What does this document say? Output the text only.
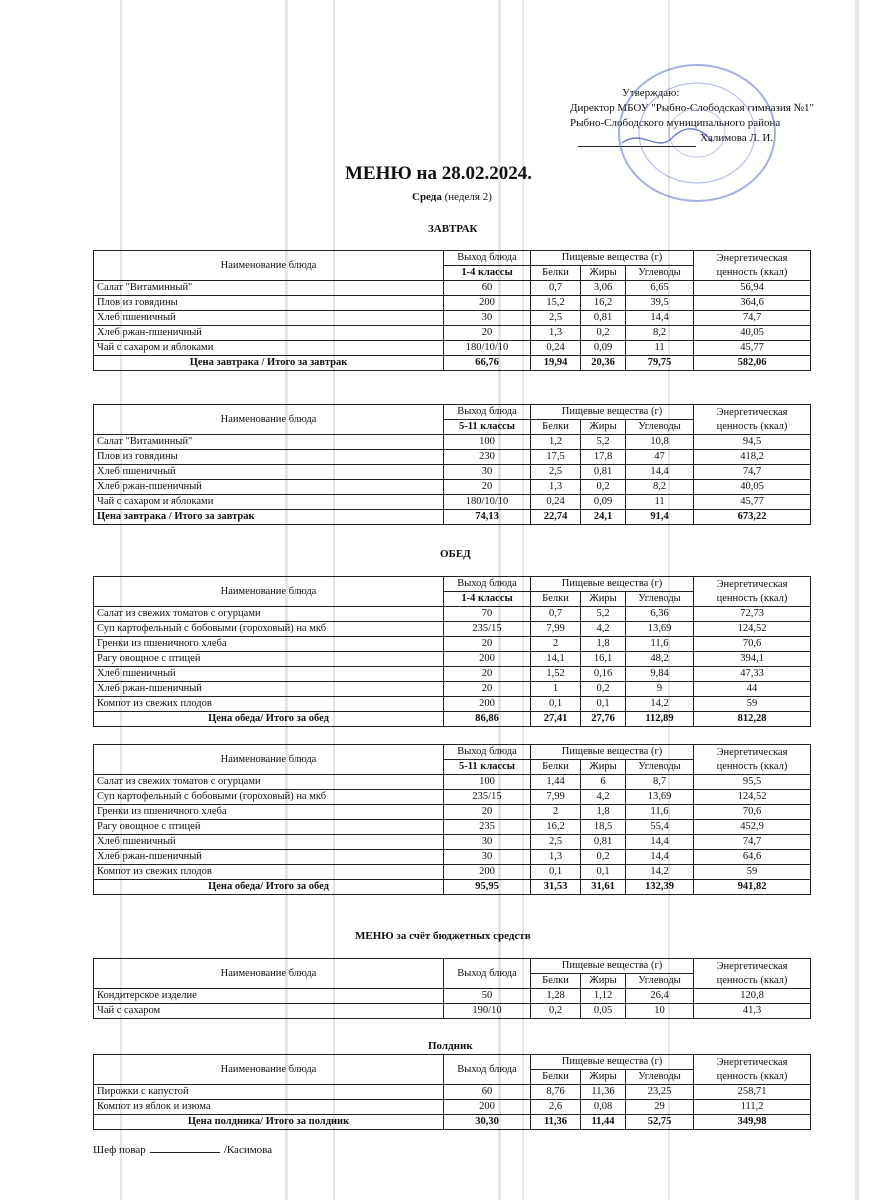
Утверждаю:
Директор МБОУ "Рыбно-Слободская гимназия №1"
Рыбно-Слободского муниципального района
Халимова Л. И.
МЕНЮ на 28.02.2024.
Среда (неделя 2)
ЗАВТРАК
Наименование блюда	Выход блюда	Пищевые вещества (г)			Энергетическая ценность (ккал)
	1-4 классы	Белки	Жиры	Углеводы	
Салат "Витаминный"	60	0,7	3,06	6,65	56,94
Плов из говядины	200	15,2	16,2	39,5	364,6
Хлеб пшеничный	30	2,5	0,81	14,4	74,7
Хлеб ржан-пшеничный	20	1,3	0,2	8,2	40,05
Чай с сахаром и яблоками	180/10/10	0,24	0,09	11	45,77
Цена завтрака / Итого за завтрак	66,76	19,94	20,36	79,75	582,06
Наименование блюда	Выход блюда	Пищевые вещества (г)			Энергетическая ценность (ккал)
	5-11 классы	Белки	Жиры	Углеводы	
Салат "Витаминный"	100	1,2	5,2	10,8	94,5
Плов из говядины	230	17,5	17,8	47	418,2
Хлеб пшеничный	30	2,5	0,81	14,4	74,7
Хлеб ржан-пшеничный	20	1,3	0,2	8,2	40,05
Чай с сахаром и яблоками	180/10/10	0,24	0,09	11	45,77
Цена завтрака / Итого за завтрак	74,13	22,74	24,1	91,4	673,22
ОБЕД
Наименование блюда	Выход блюда	Пищевые вещества (г)			Энергетическая ценность (ккал)
	1-4 классы	Белки	Жиры	Углеводы	
Салат из свежих томатов с огурцами	70	0,7	5,2	6,36	72,73
Суп картофельный с бобовыми (гороховый) на мкб	235/15	7,99	4,2	13,69	124,52
Гренки из пшеничного хлеба	20	2	1,8	11,6	70,6
Рагу овощное с птицей	200	14,1	16,1	48,2	394,1
Хлеб пшеничный	20	1,52	0,16	9,84	47,33
Хлеб ржан-пшеничный	20	1	0,2	9	44
Компот из свежих плодов	200	0,1	0,1	14,2	59
Цена обеда/ Итого за обед	86,86	27,41	27,76	112,89	812,28
Наименование блюда	Выход блюда	Пищевые вещества (г)			Энергетическая ценность (ккал)
	5-11 классы	Белки	Жиры	Углеводы	
Салат из свежих томатов с огурцами	100	1,44	6	8,7	95,5
Суп картофельный с бобовыми (гороховый) на мкб	235/15	7,99	4,2	13,69	124,52
Гренки из пшеничного хлеба	20	2	1,8	11,6	70,6
Рагу овощное с птицей	235	16,2	18,5	55,4	452,9
Хлеб пшеничный	30	2,5	0,81	14,4	74,7
Хлеб ржан-пшеничный	30	1,3	0,2	14,4	64,6
Компот из свежих плодов	200	0,1	0,1	14,2	59
Цена обеда/ Итого за обед	95,95	31,53	31,61	132,39	941,82
МЕНЮ за счёт бюджетных средств
Наименование блюда	Выход блюда	Пищевые вещества (г)			Энергетическая ценность (ккал)
		Белки	Жиры	Углеводы	
Кондитерское изделие	50	1,28	1,12	26,4	120,8
Чай с сахаром	190/10	0,2	0,05	10	41,3
Полдник
Наименование блюда	Выход блюда	Пищевые вещества (г)			Энергетическая ценность (ккал)
		Белки	Жиры	Углеводы	
Пирожки с капустой	60	8,76	11,36	23,25	258,71
Компот из яблок и изюма	200	2,6	0,08	29	111,2
Цена полдника/ Итого за полдник	30,30	11,36	11,44	52,75	349,98
Шеф повар	/Касимова
